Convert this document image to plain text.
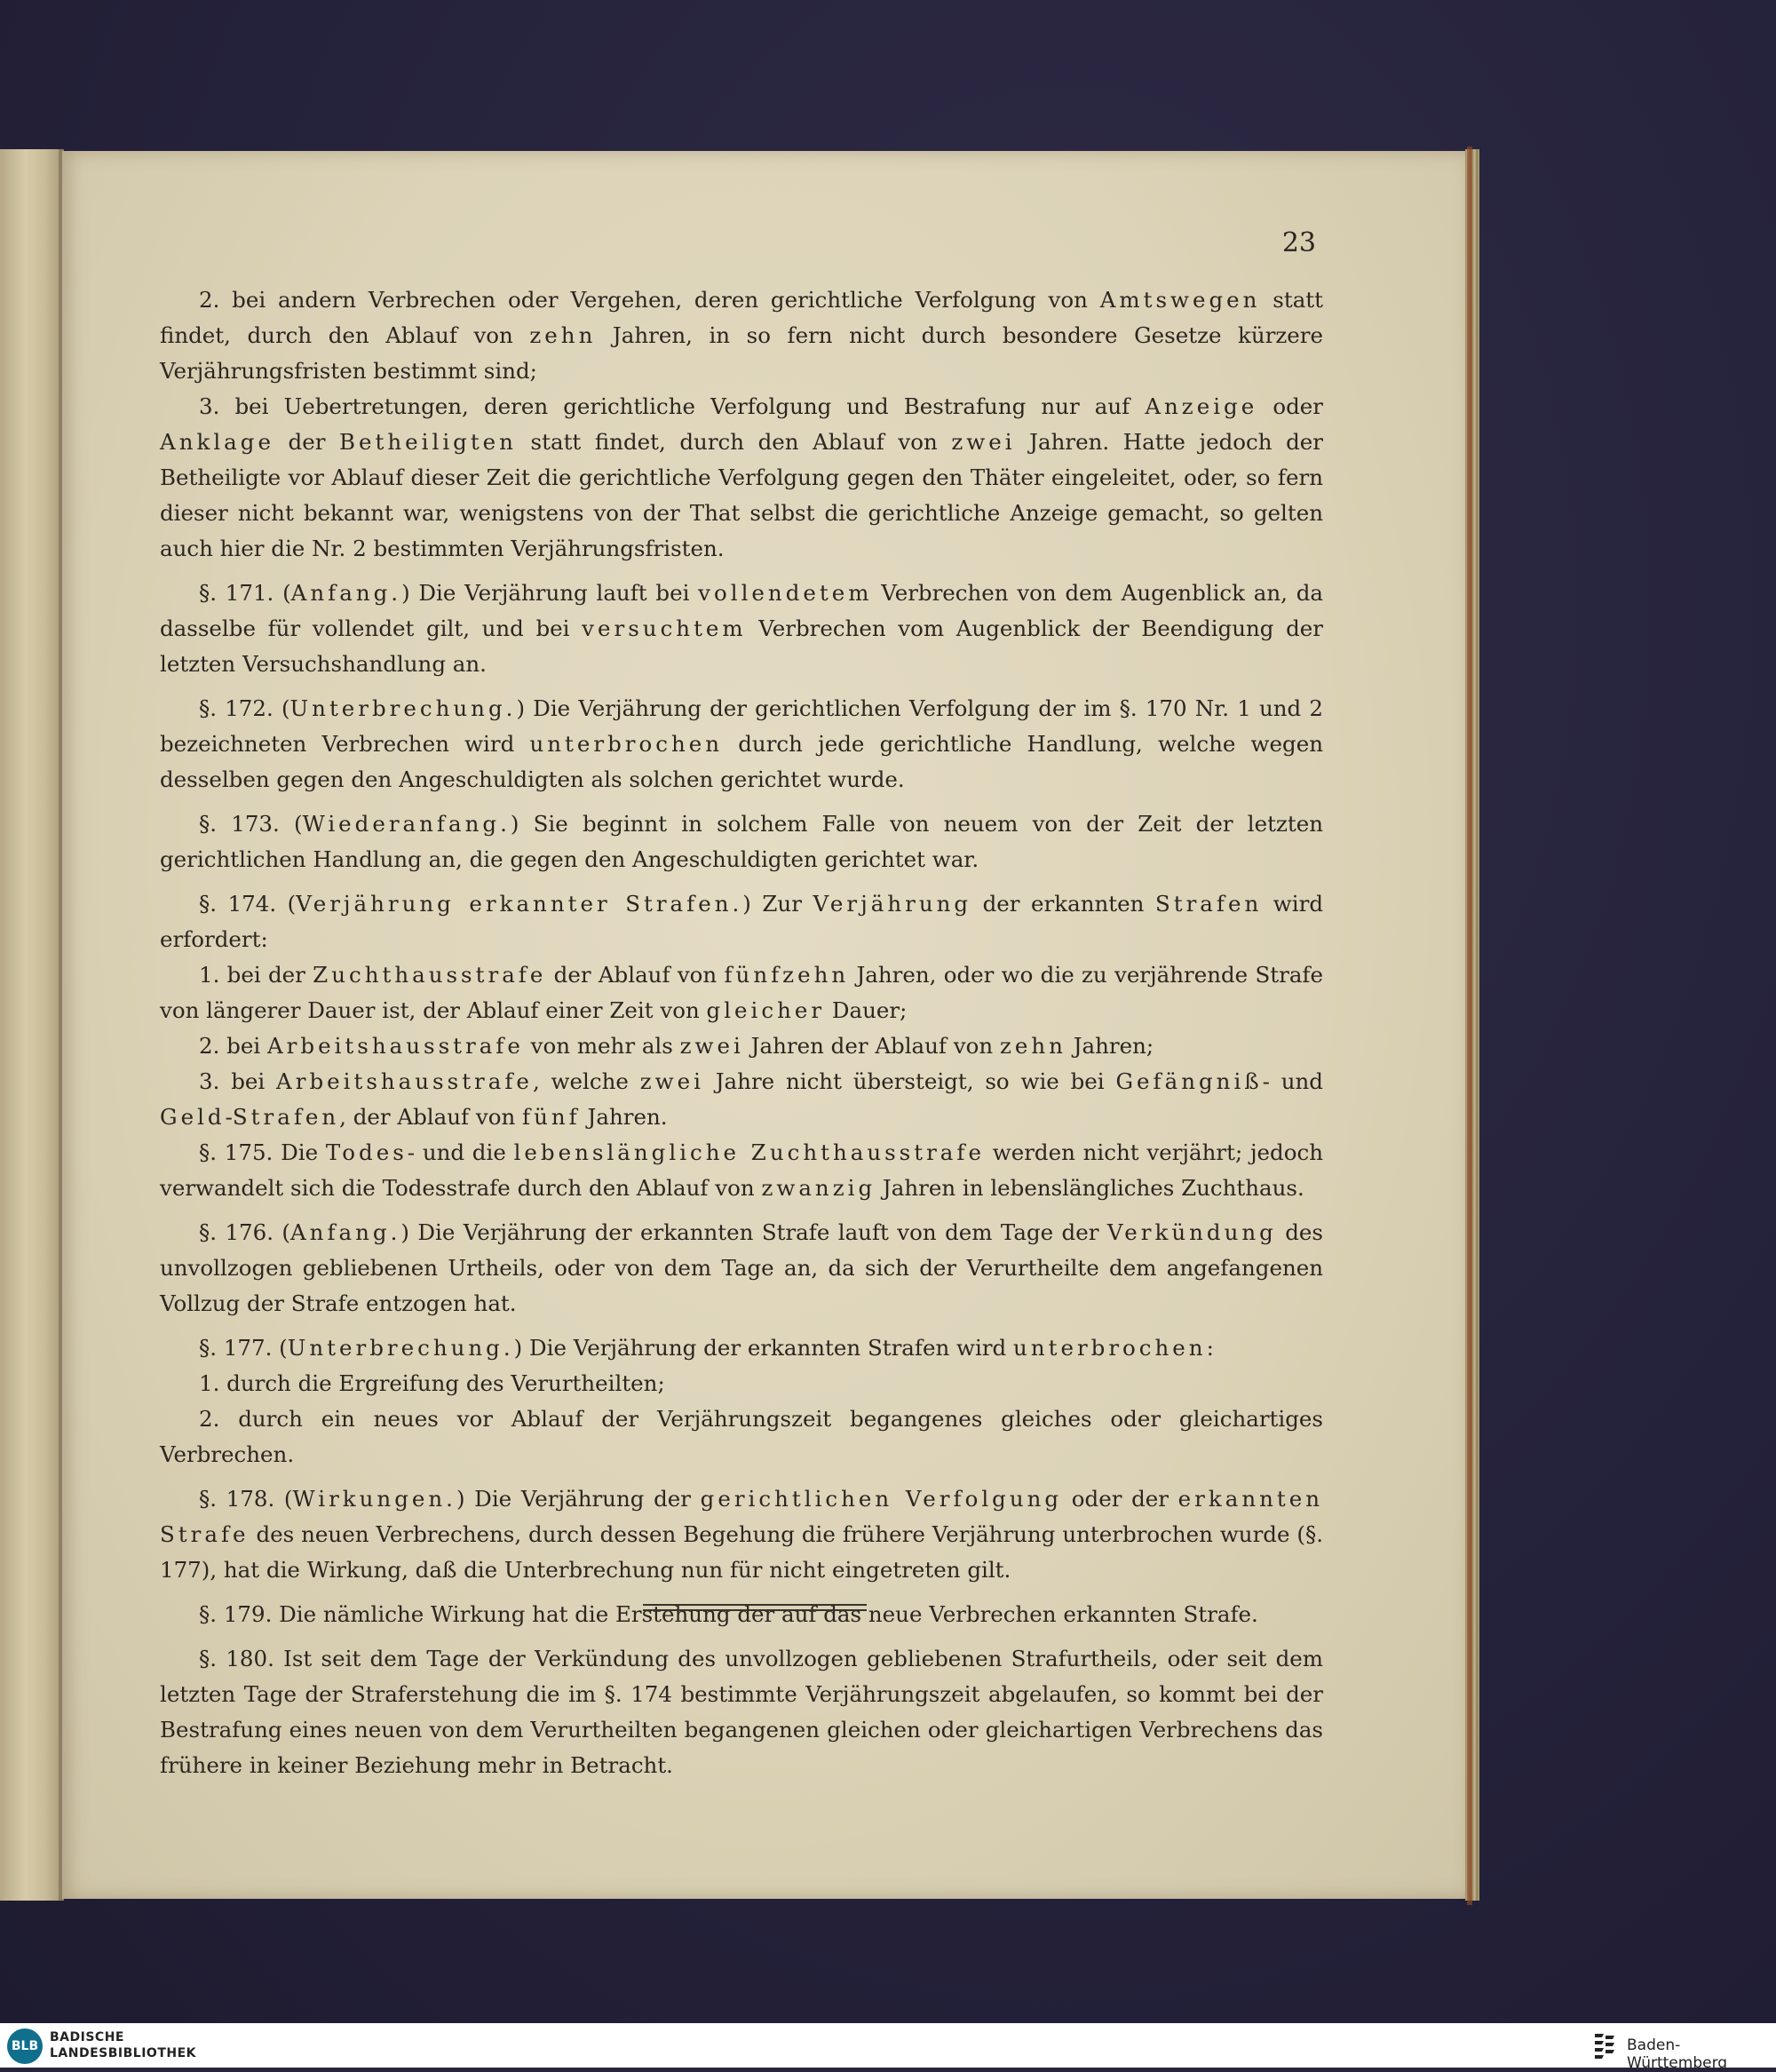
23

2. bei andern Verbrechen oder Vergehen, deren gerichtliche Verfolgung von Amtswegen statt findet, durch den Ablauf von zehn Jahren, in so fern nicht durch besondere Gesetze kürzere Verjährungsfristen bestimmt sind;

3. bei Uebertretungen, deren gerichtliche Verfolgung und Bestrafung nur auf Anzeige oder Anklage der Betheiligten statt findet, durch den Ablauf von zwei Jahren. Hatte jedoch der Betheiligte vor Ablauf dieser Zeit die gerichtliche Verfolgung gegen den Thäter eingeleitet, oder, so fern dieser nicht bekannt war, wenigstens von der That selbst die gerichtliche Anzeige gemacht, so gelten auch hier die Nr. 2 bestimmten Verjährungsfristen.

§. 171. (Anfang.) Die Verjährung lauft bei vollendetem Verbrechen von dem Augenblick an, da dasselbe für vollendet gilt, und bei versuchtem Verbrechen vom Augenblick der Beendigung der letzten Versuchshandlung an.

§. 172. (Unterbrechung.) Die Verjährung der gerichtlichen Verfolgung der im §. 170 Nr. 1 und 2 bezeichneten Verbrechen wird unterbrochen durch jede gerichtliche Handlung, welche wegen desselben gegen den Angeschuldigten als solchen gerichtet wurde.

§. 173. (Wiederanfang.) Sie beginnt in solchem Falle von neuem von der Zeit der letzten gerichtlichen Handlung an, die gegen den Angeschuldigten gerichtet war.

§. 174. (Verjährung erkannter Strafen.) Zur Verjährung der erkannten Strafen wird erfordert:

1. bei der Zuchthausstrafe der Ablauf von fünfzehn Jahren, oder wo die zu verjährende Strafe von längerer Dauer ist, der Ablauf einer Zeit von gleicher Dauer;

2. bei Arbeitshausstrafe von mehr als zwei Jahren der Ablauf von zehn Jahren;

3. bei Arbeitshausstrafe, welche zwei Jahre nicht übersteigt, so wie bei Gefängniß- und Geld-Strafen, der Ablauf von fünf Jahren.

§. 175. Die Todes- und die lebenslängliche Zuchthausstrafe werden nicht verjährt; jedoch verwandelt sich die Todesstrafe durch den Ablauf von zwanzig Jahren in lebenslängliches Zuchthaus.

§. 176. (Anfang.) Die Verjährung der erkannten Strafe lauft von dem Tage der Verkündung des unvollzogen gebliebenen Urtheils, oder von dem Tage an, da sich der Verurtheilte dem angefangenen Vollzug der Strafe entzogen hat.

§. 177. (Unterbrechung.) Die Verjährung der erkannten Strafen wird unterbrochen:

1. durch die Ergreifung des Verurtheilten;

2. durch ein neues vor Ablauf der Verjährungszeit begangenes gleiches oder gleichartiges Verbrechen.

§. 178. (Wirkungen.) Die Verjährung der gerichtlichen Verfolgung oder der erkannten Strafe des neuen Verbrechens, durch dessen Begehung die frühere Verjährung unterbrochen wurde (§. 177), hat die Wirkung, daß die Unterbrechung nun für nicht eingetreten gilt.

§. 179. Die nämliche Wirkung hat die Erstehung der auf das neue Verbrechen erkannten Strafe.

§. 180. Ist seit dem Tage der Verkündung des unvollzogen gebliebenen Strafurtheils, oder seit dem letzten Tage der Straferstehung die im §. 174 bestimmte Verjährungszeit abgelaufen, so kommt bei der Bestrafung eines neuen von dem Verurtheilten begangenen gleichen oder gleichartigen Verbrechens das frühere in keiner Beziehung mehr in Betracht.

BLB
BADISCHE
LANDESBIBLIOTHEK	Baden-Württemberg
